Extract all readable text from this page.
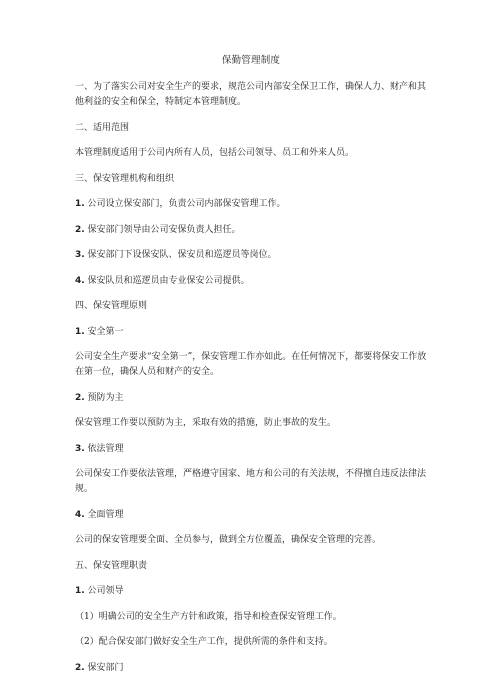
保勤管理制度
一、为了落实公司对安全生产的要求，规范公司内部安全保卫工作，确保人力、财产和其他利益的安全和保全，特制定本管理制度。
二、适用范围
本管理制度适用于公司内所有人员，包括公司领导、员工和外来人员。
三、保安管理机构和组织
1. 公司设立保安部门，负责公司内部保安管理工作。
2. 保安部门领导由公司安保负责人担任。
3. 保安部门下设保安队、保安员和巡逻员等岗位。
4. 保安队员和巡逻员由专业保安公司提供。
四、保安管理原则
1. 安全第一
公司安全生产要求“安全第一”，保安管理工作亦如此。在任何情况下，都要将保安工作放在第一位，确保人员和财产的安全。
2. 预防为主
保安管理工作要以预防为主，采取有效的措施，防止事故的发生。
3. 依法管理
公司保安工作要依法管理，严格遵守国家、地方和公司的有关法规，不得擅自违反法律法规。
4. 全面管理
公司的保安管理要全面、全员参与，做到全方位覆盖，确保安全管理的完善。
五、保安管理职责
1. 公司领导
（1）明确公司的安全生产方针和政策，指导和检查保安管理工作。
（2）配合保安部门做好安全生产工作，提供所需的条件和支持。
2. 保安部门
